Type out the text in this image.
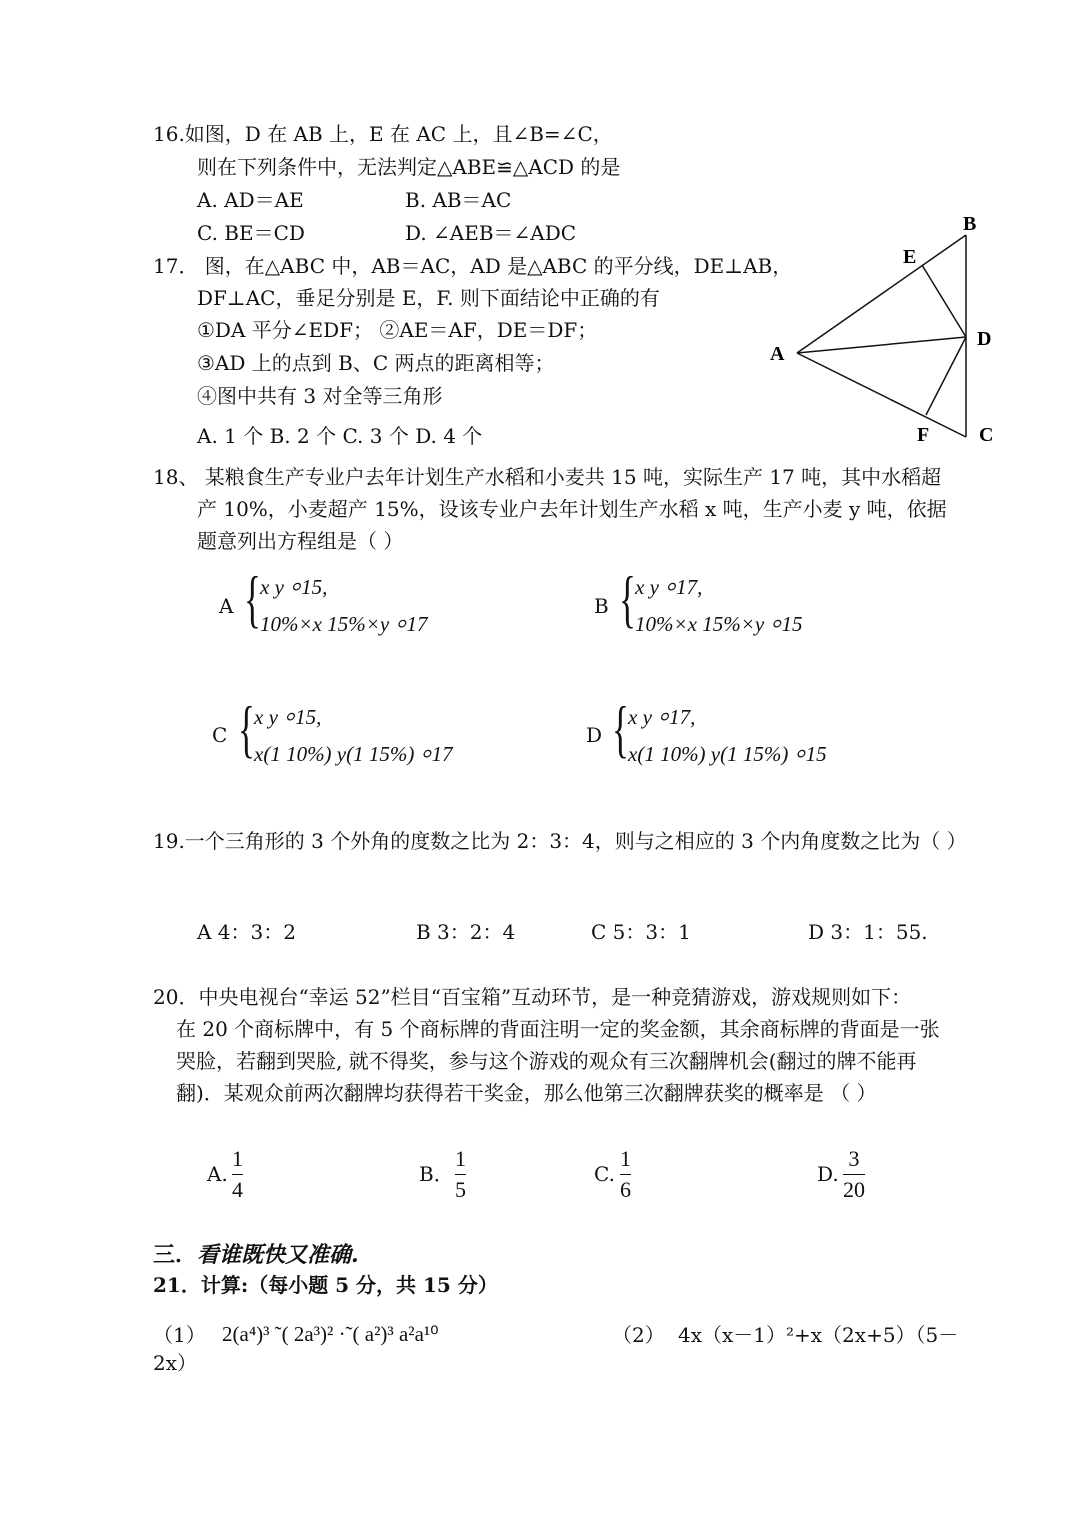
16.如图，D 在 AB 上，E 在 AC 上，且∠B=∠C，
则在下列条件中，无法判定△ABE≌△ACD 的是
A. AD＝AE	B. AB＝AC
C. BE＝CD	D. ∠AEB＝∠ADC
17． 图，在△ABC 中，AB＝AC，AD 是△ABC 的平分线，DE⊥AB，
DF⊥AC，垂足分别是 E，F. 则下面结论中正确的有
①DA 平分∠EDF； ②AE＝AF，DE＝DF；
③AD 上的点到 B、C 两点的距离相等；
④图中共有 3 对全等三角形
A. 1 个 B. 2 个 C. 3 个 D. 4 个
B
E
D
A
F C
18、 某粮食生产专业户去年计划生产水稻和小麦共 15 吨，实际生产 17 吨，其中水稻超
产 10%，小麦超产 15%，设该专业户去年计划生产水稻 x 吨，生产小麦 y 吨，依据
题意列出方程组是（ ）
A { x y ⸰15,
10%×x 15%×y ⸰17
B { x y ⸰17,
10%×x 15%×y ⸰15
C { x y ⸰15,
x(1 10%) y(1 15%) ⸰17
D { x y ⸰17,
x(1 10%) y(1 15%) ⸰15
19.一个三角形的 3 个外角的度数之比为 2：3：4，则与之相应的 3 个内角度数之比为（ ）
A 4：3：2	B 3：2：4	C 5：3：1	D 3：1：55.
20．中央电视台“幸运 52”栏目“百宝箱”互动环节，是一种竞猜游戏，游戏规则如下：
在 20 个商标牌中，有 5 个商标牌的背面注明一定的奖金额，其余商标牌的背面是一张
哭脸，若翻到哭脸, 就不得奖，参与这个游戏的观众有三次翻牌机会(翻过的牌不能再
翻)．某观众前两次翻牌均获得若干奖金，那么他第三次翻牌获奖的概率是 （ ）
A.
1
4
B．
1
5
C.
1
6
D.
3
20
三．看谁既快又准确.
21．计算:（每小题 5 分，共 15 分）
（1） 2(a⁴)³ ˜( 2a³)² ·˜( a²)³ a²a¹⁰	（2） 4x（x－1）²+x（2x+5）（5－
2x）
